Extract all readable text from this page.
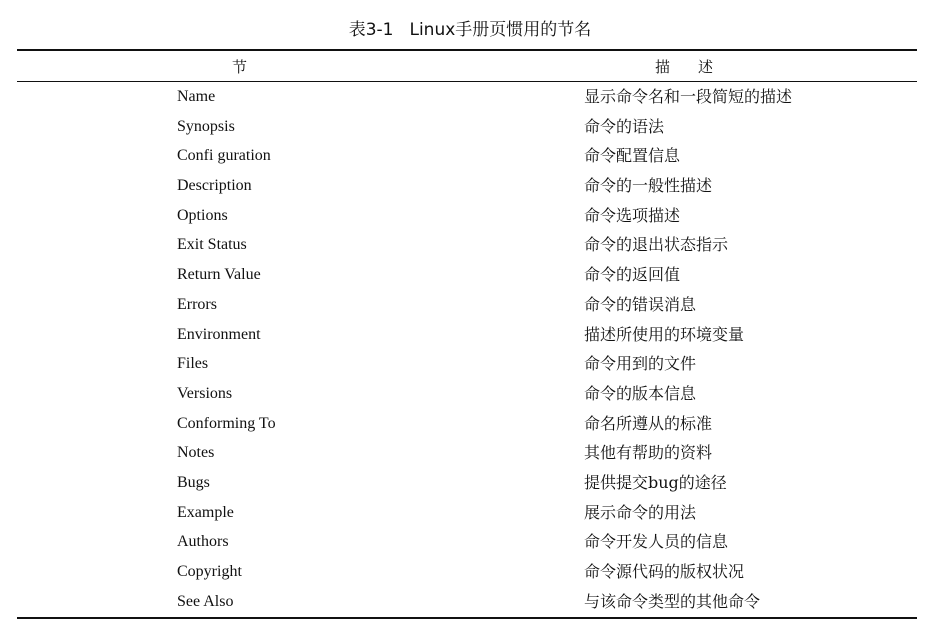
表3-1 Linux手册页惯用的节名
节	描述
Name	显示命令名和一段简短的描述
Synopsis	命令的语法
Confi guration	命令配置信息
Description	命令的一般性描述
Options	命令选项描述
Exit Status	命令的退出状态指示
Return Value	命令的返回值
Errors	命令的错误消息
Environment	描述所使用的环境变量
Files	命令用到的文件
Versions	命令的版本信息
Conforming To	命名所遵从的标准
Notes	其他有帮助的资料
Bugs	提供提交bug的途径
Example	展示命令的用法
Authors	命令开发人员的信息
Copyright	命令源代码的版权状况
See Also	与该命令类型的其他命令
